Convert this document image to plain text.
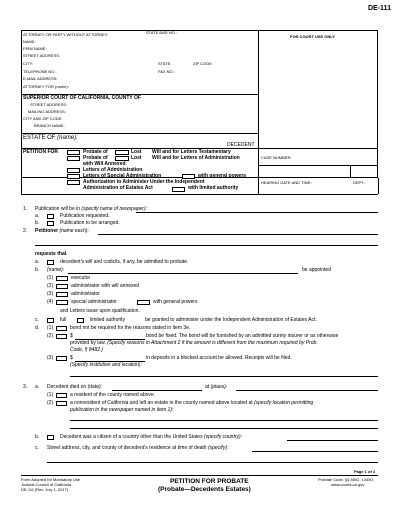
DE-111
ATTORNEY OR PARTY WITHOUT ATTORNEY:	STATE BAR NO.:
NAME:
FIRM NAME:
STREET ADDRESS:
CITY:	STATE:	ZIP CODE:
TELEPHONE NO.:	FAX NO.:
E-MAIL ADDRESS:
ATTORNEY FOR (name):
FOR COURT USE ONLY
SUPERIOR COURT OF CALIFORNIA, COUNTY OF
STREET ADDRESS:
MAILING ADDRESS:
CITY AND ZIP CODE:
BRANCH NAME:
ESTATE OF (name):
DECEDENT
PETITION FOR	Probate of	Lost Will and for Letters Testamentary
Probate of	Lost Will and for Letters of Administration
with Will Annexed
Letters of Administration
Letters of Special Administration	with general powers
Authorization to Administer Under the Independent
Administration of Estates Act	with limited authority
CASE NUMBER:
HEARING DATE AND TIME:	DEPT.:
1. Publication will be in (specify name of newspaper):
a.	Publication requested.
b.	Publication to be arranged.
2. Petitioner (name each):
requests that
a.	decedent's will and codicils, if any, be admitted to probate.
b. (name):	be appointed
(1)	executor
(2)	administrator with will annexed
(3)	administrator
(4)	special administrator	with general powers
and Letters issue upon qualification.
c.	full	limited authority	be granted to administer under the Independent Administration of Estates Act.
d. (1)	bond not be required for the reasons stated in item 3e.
(2)	$	bond be fixed. The bond will be furnished by an admitted surety insurer or as otherwise
provided by law. (Specify reasons in Attachment 2 if the amount is different from the maximum required by Prob.
Code, § 8482.)
(3)	$	in deposits in a blocked account be allowed. Receipts will be filed.
(Specify institution and location):
3. a. Decedent died on (date):	at (place):
(1)	a resident of the county named above.
(2)	a nonresident of California and left an estate in the county named above located at (specify location permitting
publication in the newspaper named in item 1):
b.	Decedent was a citizen of a country other than the United States (specify country):
c. Street address, city, and county of decedent's residence at time of death (specify):
Page 1 of 4
Form Adopted for Mandatory Use
Judicial Council of California
DE-111 [Rev. July 1, 2017]
PETITION FOR PROBATE
(Probate—Decedents Estates)
Probate Code, §§ 8002, 10450;
www.courts.ca.gov
